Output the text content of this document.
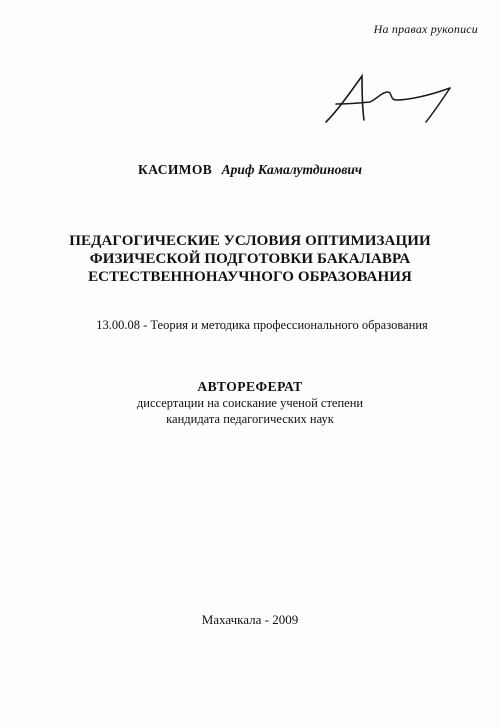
На правах рукописи
КАСИМОВ Ариф Камалутдинович
ПЕДАГОГИЧЕСКИЕ УСЛОВИЯ ОПТИМИЗАЦИИ
ФИЗИЧЕСКОЙ ПОДГОТОВКИ БАКАЛАВРА
ЕСТЕСТВЕННОНАУЧНОГО ОБРАЗОВАНИЯ
13.00.08 - Теория и методика профессионального образования
АВТОРЕФЕРАТ
диссертации на соискание ученой степени
кандидата педагогических наук
Махачкала - 2009
